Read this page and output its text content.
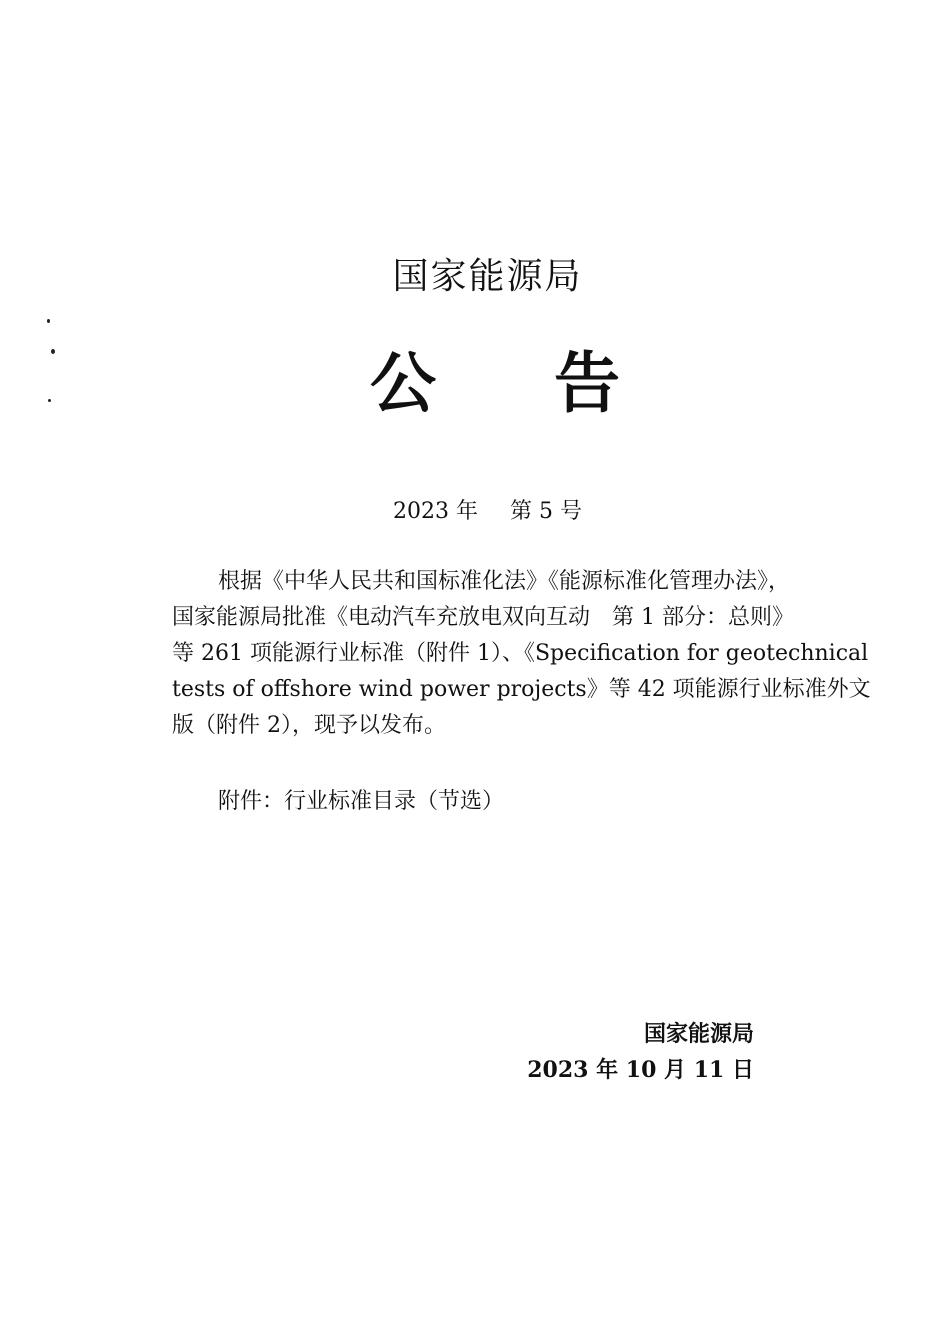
国家能源局
公 告
2023 年 第 5 号
根据《中华人民共和国标准化法》《能源标准化管理办法》，
国家能源局批准《电动汽车充放电双向互动　第 1 部分：总则》
等 261 项能源行业标准（附件 1）、《Specification for geotechnical
tests of offshore wind power projects》等 42 项能源行业标准外文
版（附件 2），现予以发布。
附件：行业标准目录（节选）
国家能源局
2023 年 10 月 11 日
